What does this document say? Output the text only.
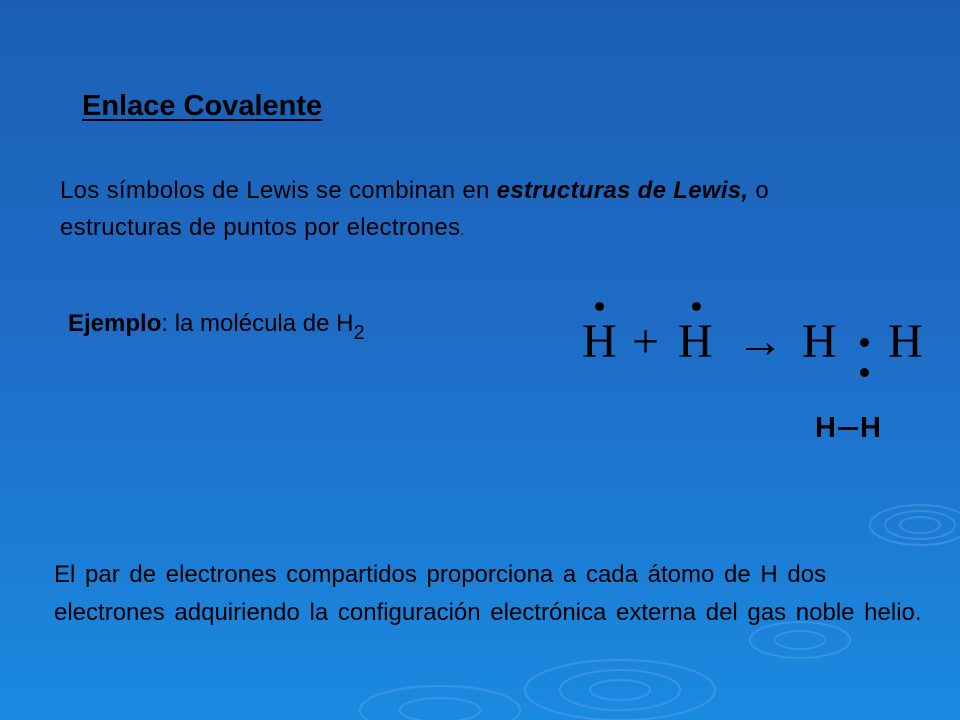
Enlace Covalente
Los símbolos de Lewis se combinan en estructuras de Lewis, o estructuras de puntos por electrones.
Ejemplo: la molécula de $H_2$	H + H → H H
H H
El par de electrones compartidos proporciona a cada átomo de H dos electrones adquiriendo la configuración electrónica externa del gas noble helio.
